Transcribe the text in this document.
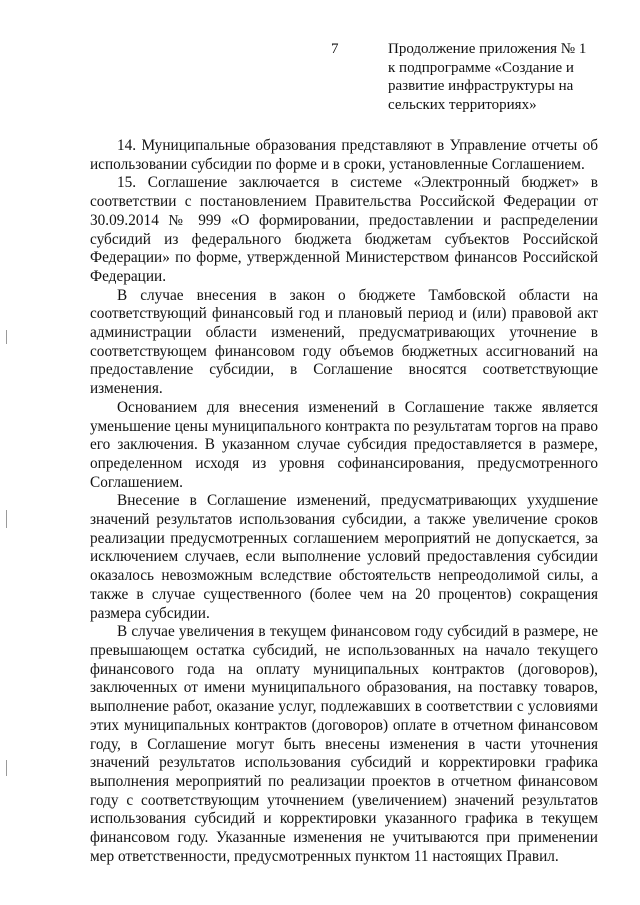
7	Продолжение приложения № 1
к подпрограмме «Создание и
развитие инфраструктуры на
сельских территориях»

14. Муниципальные образования представляют в Управление отчеты об использовании субсидии по форме и в сроки, установленные Соглашением.

15. Соглашение заключается в системе «Электронный бюджет» в соответствии с постановлением Правительства Российской Федерации от 30.09.2014 № 999 «О формировании, предоставлении и распределении субсидий из федерального бюджета бюджетам субъектов Российской Федерации» по форме, утвержденной Министерством финансов Российской Федерации.

В случае внесения в закон о бюджете Тамбовской области на соответствующий финансовый год и плановый период и (или) правовой акт администрации области изменений, предусматривающих уточнение в соответствующем финансовом году объемов бюджетных ассигнований на предоставление субсидии, в Соглашение вносятся соответствующие изменения.

Основанием для внесения изменений в Соглашение также является уменьшение цены муниципального контракта по результатам торгов на право его заключения. В указанном случае субсидия предоставляется в размере, определенном исходя из уровня софинансирования, предусмотренного Соглашением.

Внесение в Соглашение изменений, предусматривающих ухудшение значений результатов использования субсидии, а также увеличение сроков реализации предусмотренных соглашением мероприятий не допускается, за исключением случаев, если выполнение условий предоставления субсидии оказалось невозможным вследствие обстоятельств непреодолимой силы, а также в случае существенного (более чем на 20 процентов) сокращения размера субсидии.

В случае увеличения в текущем финансовом году субсидий в размере, не превышающем остатка субсидий, не использованных на начало текущего финансового года на оплату муниципальных контрактов (договоров), заключенных от имени муниципального образования, на поставку товаров, выполнение работ, оказание услуг, подлежавших в соответствии с условиями этих муниципальных контрактов (договоров) оплате в отчетном финансовом году, в Соглашение могут быть внесены изменения в части уточнения значений результатов использования субсидий и корректировки графика выполнения мероприятий по реализации проектов в отчетном финансовом году с соответствующим уточнением (увеличением) значений результатов использования субсидий и корректировки указанного графика в текущем финансовом году. Указанные изменения не учитываются при применении мер ответственности, предусмотренных пунктом 11 настоящих Правил.
